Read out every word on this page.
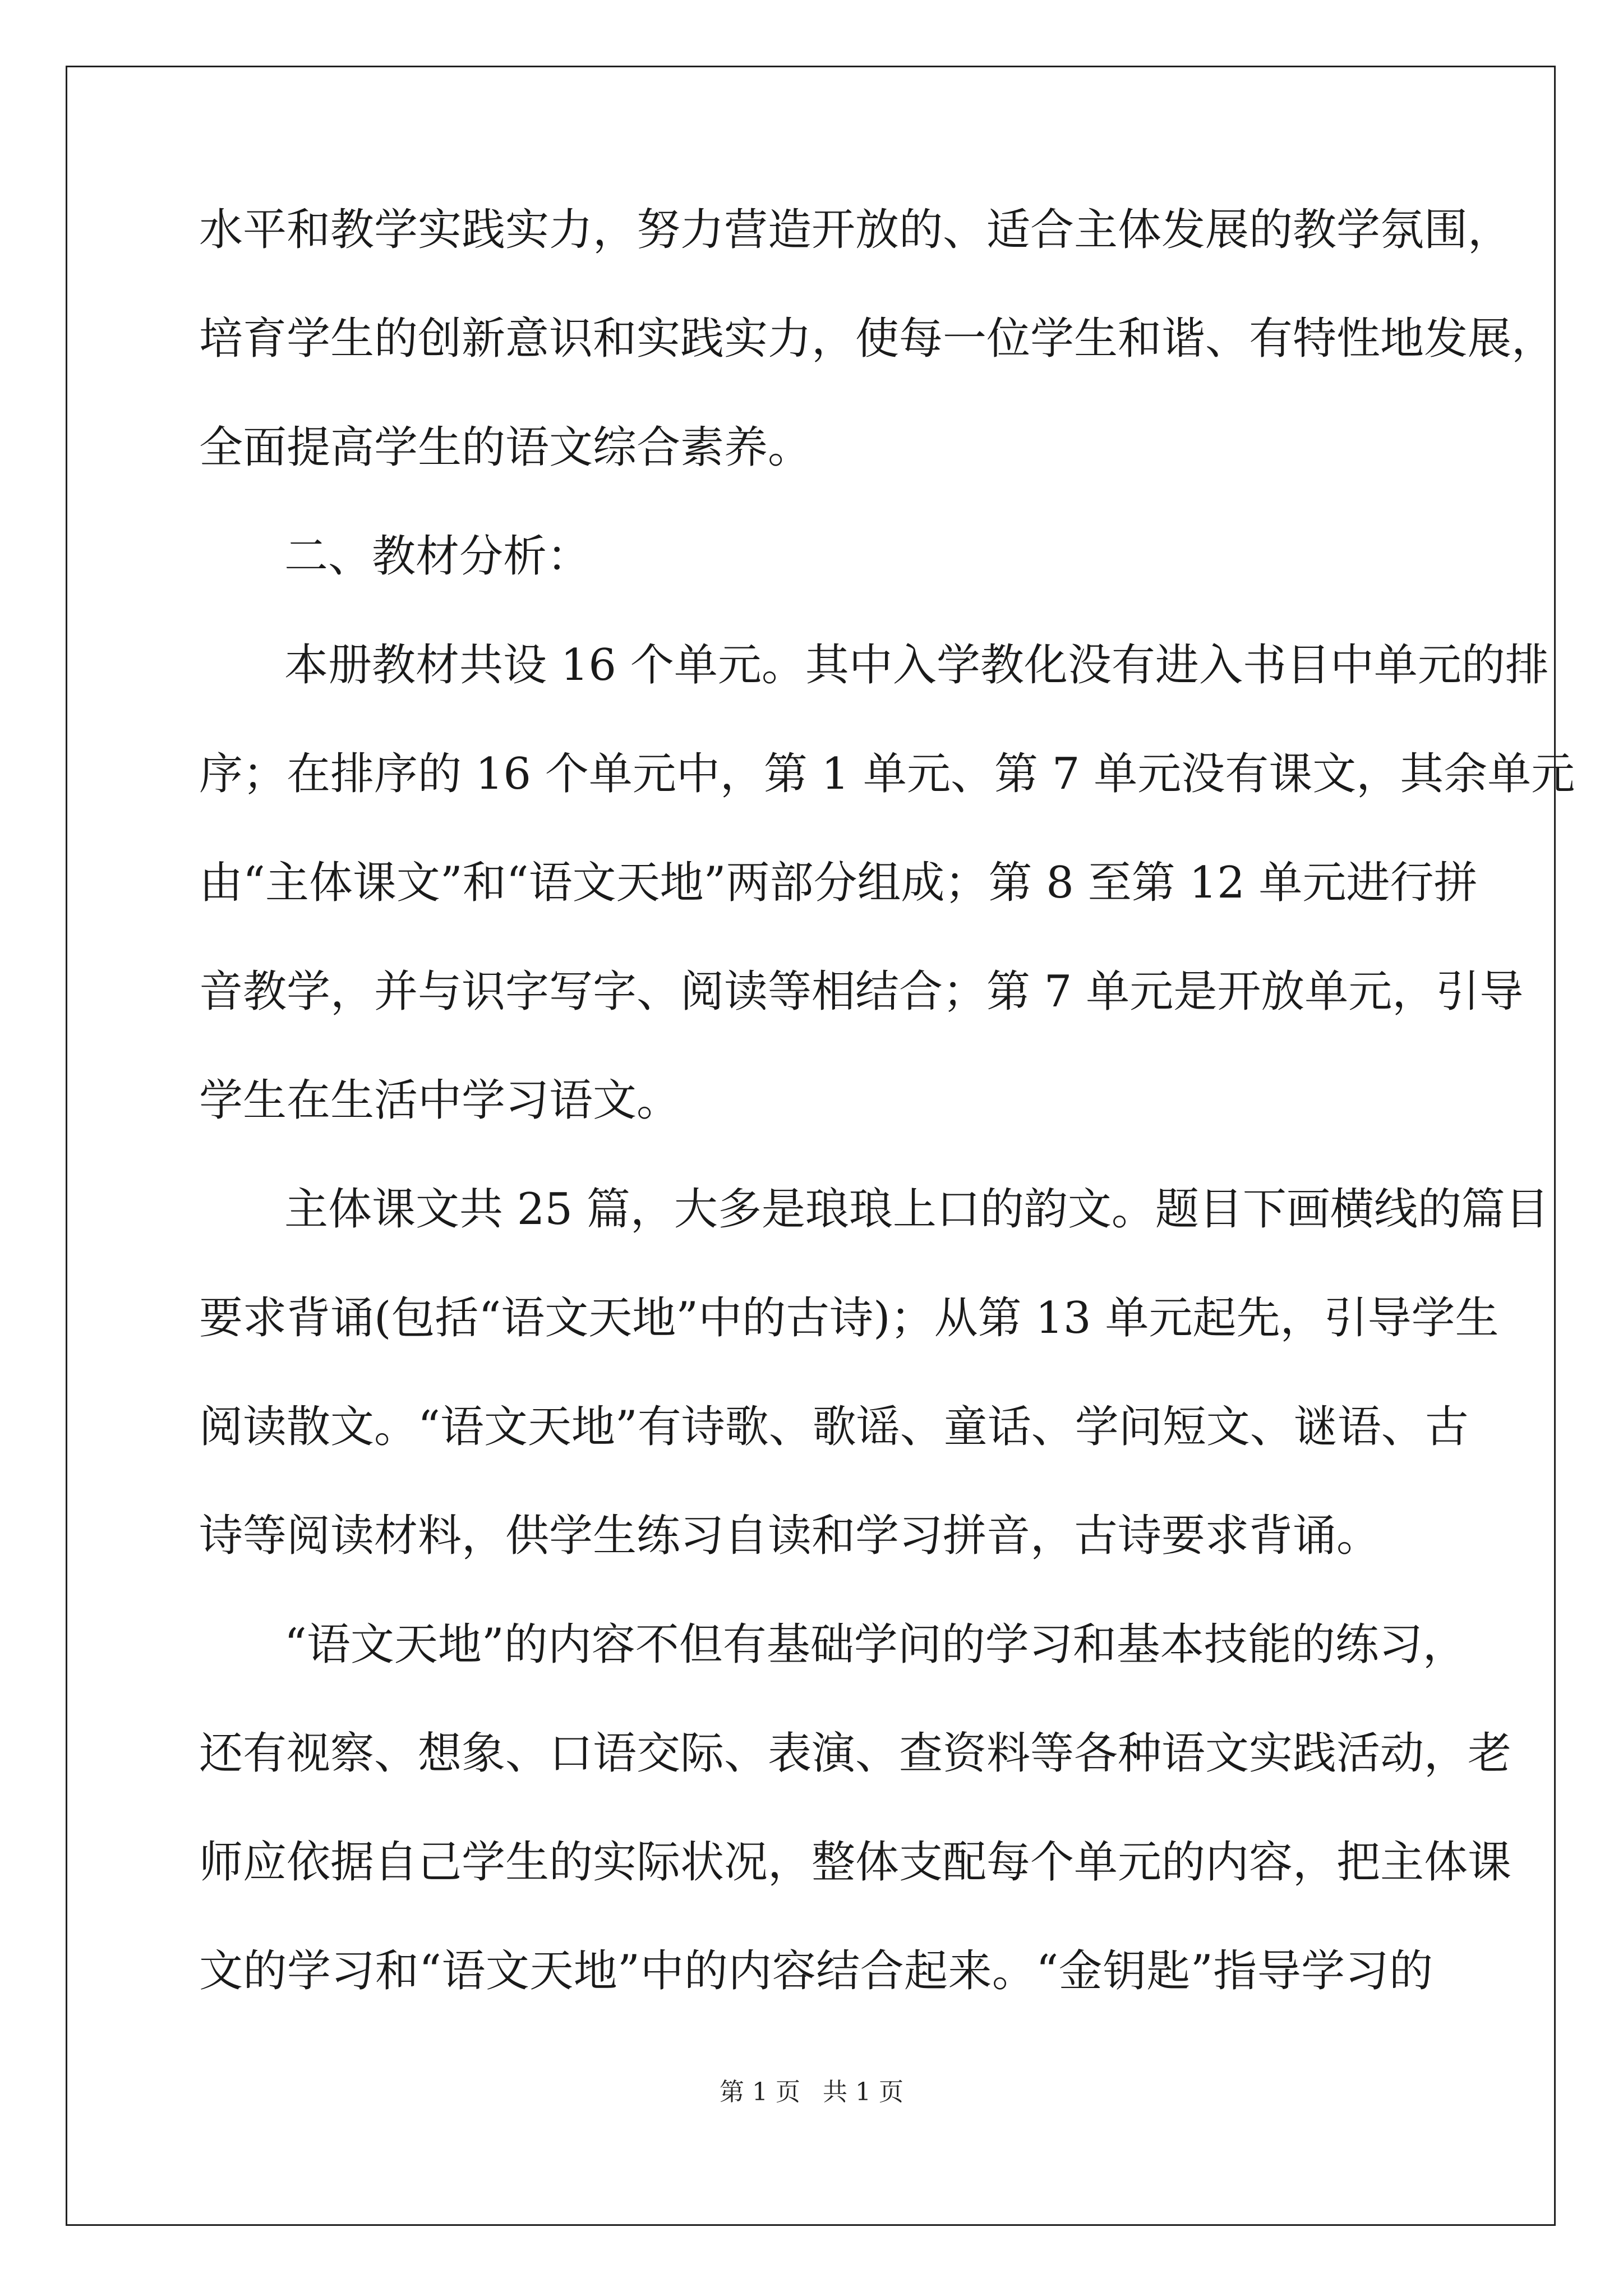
水平和教学实践实力，努力营造开放的、适合主体发展的教学氛围，
培育学生的创新意识和实践实力，使每一位学生和谐、有特性地发展，
全面提高学生的语文综合素养。
二、教材分析：
本册教材共设 16 个单元。其中入学教化没有进入书目中单元的排
序；在排序的 16 个单元中，第 1 单元、第 7 单元没有课文，其余单元
由“主体课文”和“语文天地”两部分组成；第 8 至第 12 单元进行拼
音教学，并与识字写字、阅读等相结合；第 7 单元是开放单元，引导
学生在生活中学习语文。
主体课文共 25 篇，大多是琅琅上口的韵文。题目下画横线的篇目
要求背诵(包括“语文天地”中的古诗)；从第 13 单元起先，引导学生
阅读散文。“语文天地”有诗歌、歌谣、童话、学问短文、谜语、古
诗等阅读材料，供学生练习自读和学习拼音，古诗要求背诵。
“语文天地”的内容不但有基础学问的学习和基本技能的练习，
还有视察、想象、口语交际、表演、查资料等各种语文实践活动，老
师应依据自己学生的实际状况，整体支配每个单元的内容，把主体课
文的学习和“语文天地”中的内容结合起来。“金钥匙”指导学习的
第 1 页 共 1 页
